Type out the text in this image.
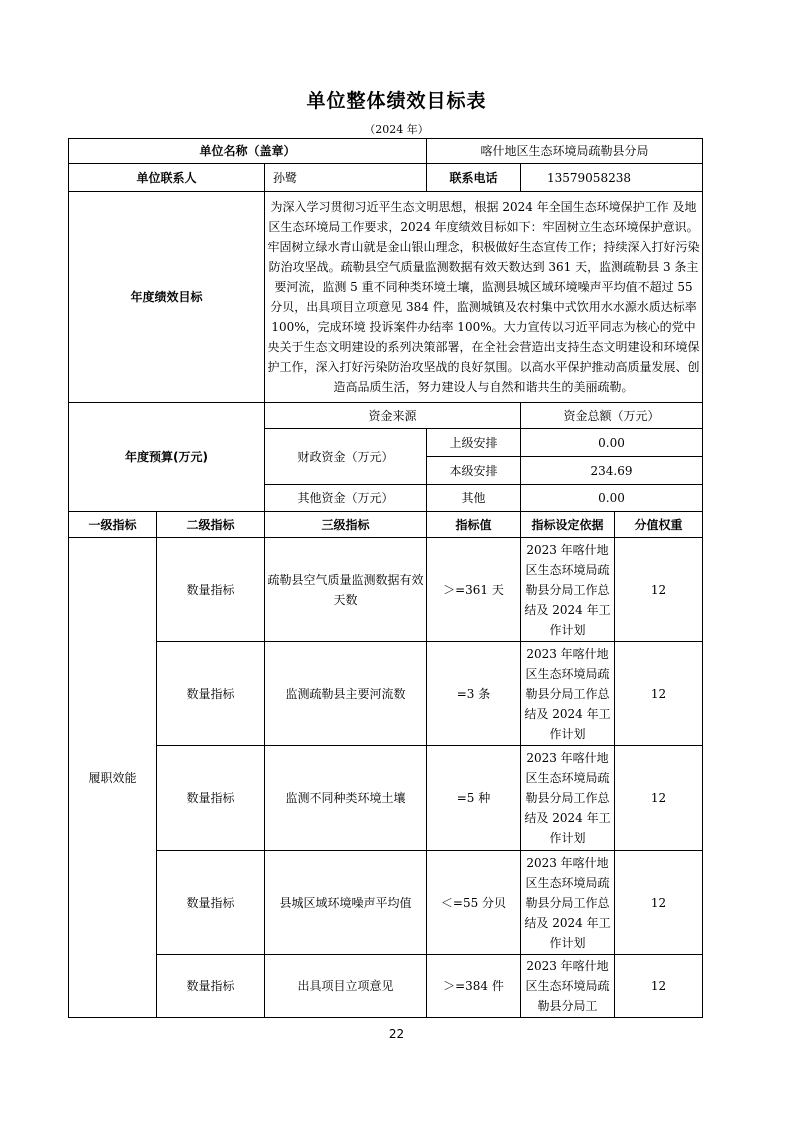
单位整体绩效目标表
（2024 年）
单位名称（盖章）			喀什地区生态环境局疏勒县分局		
单位联系人		孙鹭	联系电话	13579058238	
年度绩效目标		为深入学习贯彻习近平生态文明思想，根据 2024 年全国生态环境保护工作 及地区生态环境局工作要求，2024 年度绩效目标如下：牢固树立生态环境保护意识。牢固树立绿水青山就是金山银山理念，积极做好生态宣传工作；持续深入打好污染防治攻坚战。疏勒县空气质量监测数据有效天数达到 361 天，监测疏勒县 3 条主要河流，监测 5 重不同种类环境土壤，监测县城区域环境噪声平均值不超过 55 分贝，出具项目立项意见 384 件，监测城镇及农村集中式饮用水水源水质达标率 100%，完成环境 投诉案件办结率 100%。大力宣传以习近平同志为核心的党中央关于生态文明建设的系列决策部署，在全社会营造出支持生态文明建设和环境保护工作，深入打好污染防治攻坚战的良好氛围。以高水平保护推动高质量发展、创造高品质生活，努力建设人与自然和谐共生的美丽疏勒。			
年度预算(万元)		资金来源		资金总额（万元）	
		财政资金（万元）	上级安排	0.00	
			本级安排	234.69	
		其他资金（万元）	其他	0.00	
一级指标	二级指标	三级指标	指标值	指标设定依据	分值权重
履职效能	数量指标	疏勒县空气质量监测数据有效天数	＞=361 天	2023 年喀什地区生态环境局疏勒县分局工作总结及 2024 年工作计划	12
	数量指标	监测疏勒县主要河流数	=3 条	2023 年喀什地区生态环境局疏勒县分局工作总结及 2024 年工作计划	12
	数量指标	监测不同种类环境土壤	=5 种	2023 年喀什地区生态环境局疏勒县分局工作总结及 2024 年工作计划	12
	数量指标	县城区域环境噪声平均值	＜=55 分贝	2023 年喀什地区生态环境局疏勒县分局工作总结及 2024 年工作计划	12
	数量指标	出具项目立项意见	＞=384 件	2023 年喀什地区生态环境局疏勒县分局工	12
22
